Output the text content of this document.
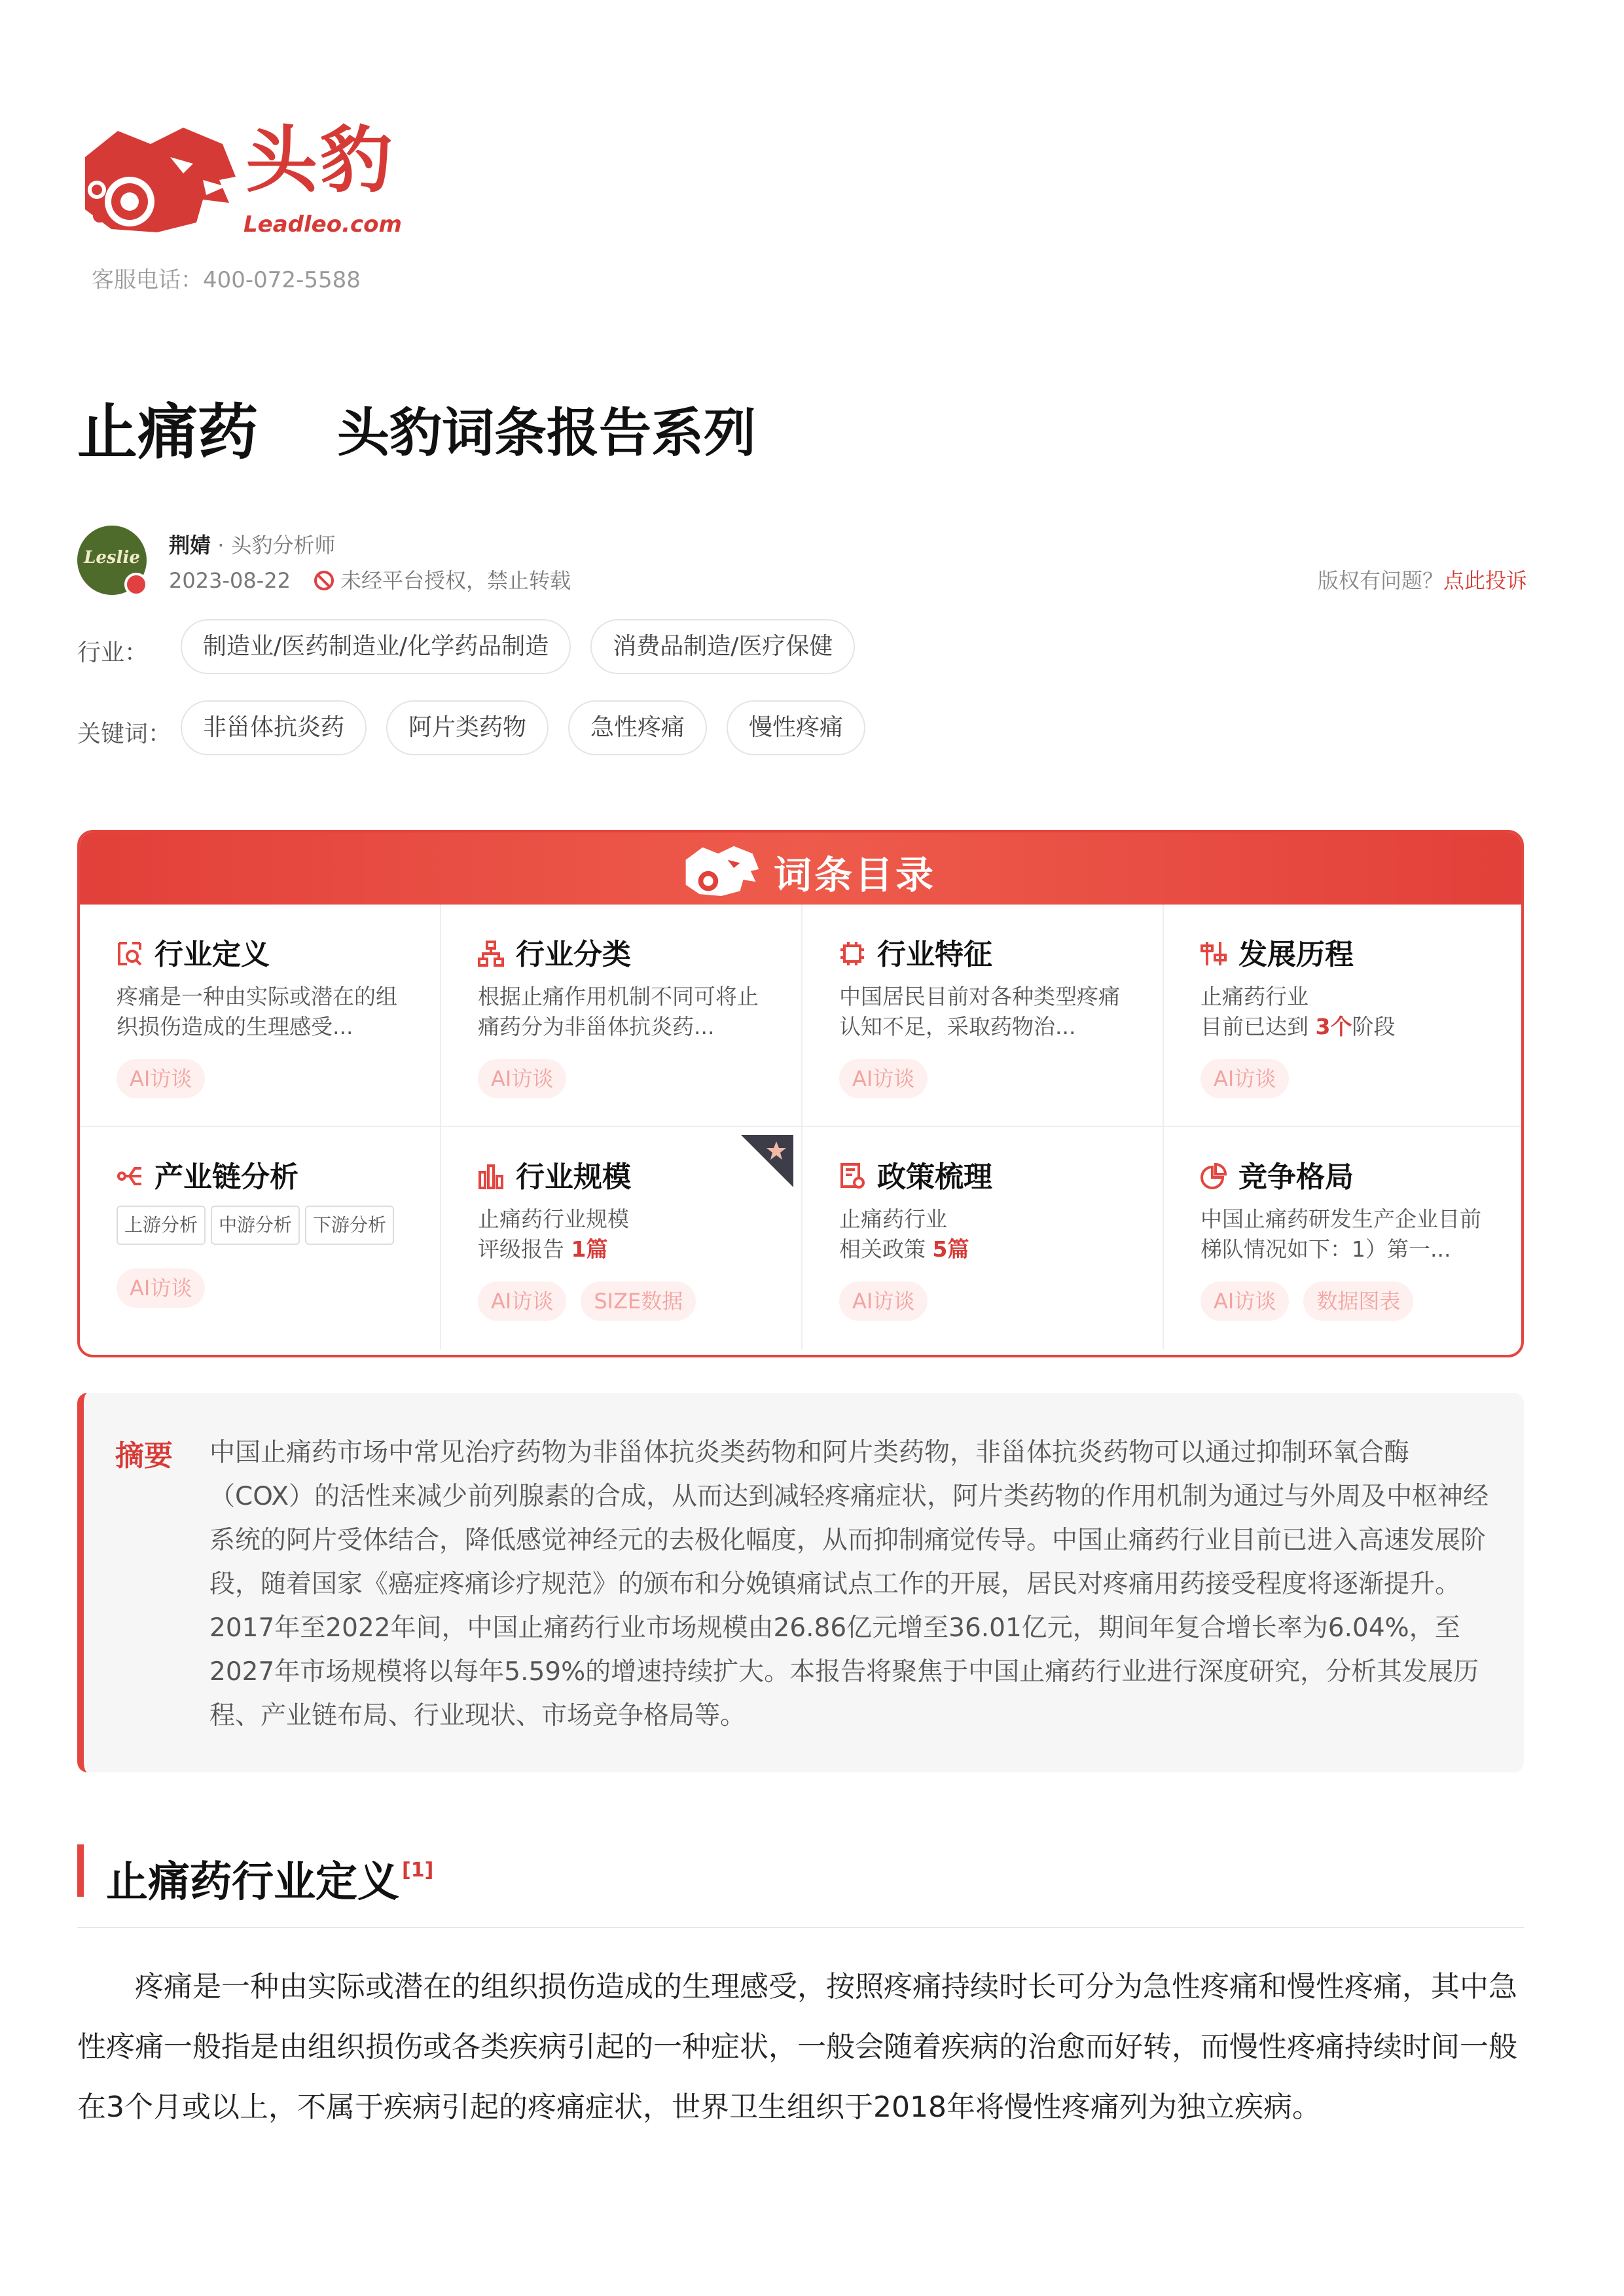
头豹
Leadleo.com
客服电话：400-072-5588
止痛药 头豹词条报告系列
Leslie	荆婧 · 头豹分析师
2023-08-22 未经平台授权，禁止转载	版权有问题？点此投诉
行业： 制造业/医药制造业/化学药品制造	消费品制造/医疗保健
关键词： 非甾体抗炎药	阿片类药物	急性疼痛	慢性疼痛
词条目录
行业定义
疼痛是一种由实际或潜在的组织损伤造成的生理感受...
AI访谈
行业分类
根据止痛作用机制不同可将止痛药分为非甾体抗炎药...
AI访谈
行业特征
中国居民目前对各种类型疼痛认知不足，采取药物治...
AI访谈
发展历程
止痛药行业
目前已达到 3个阶段
AI访谈
产业链分析
上游分析 中游分析 下游分析
AI访谈
行业规模
止痛药行业规模
评级报告 1篇
AI访谈 SIZE数据
政策梳理
止痛药行业
相关政策 5篇
AI访谈
竞争格局
中国止痛药研发生产企业目前梯队情况如下：1）第一...
AI访谈 数据图表
摘要 中国止痛药市场中常见治疗药物为非甾体抗炎类药物和阿片类药物，非甾体抗炎药物可以通过抑制环氧合酶（COX）的活性来减少前列腺素的合成，从而达到减轻疼痛症状，阿片类药物的作用机制为通过与外周及中枢神经系统的阿片受体结合，降低感觉神经元的去极化幅度，从而抑制痛觉传导。中国止痛药行业目前已进入高速发展阶段，随着国家《癌症疼痛诊疗规范》的颁布和分娩镇痛试点工作的开展，居民对疼痛用药接受程度将逐渐提升。2017年至2022年间，中国止痛药行业市场规模由26.86亿元增至36.01亿元，期间年复合增长率为6.04%，至2027年市场规模将以每年5.59%的增速持续扩大。本报告将聚焦于中国止痛药行业进行深度研究，分析其发展历程、产业链布局、行业现状、市场竞争格局等。
止痛药行业定义 [1]
疼痛是一种由实际或潜在的组织损伤造成的生理感受，按照疼痛持续时长可分为急性疼痛和慢性疼痛，其中急性疼痛一般指是由组织损伤或各类疾病引起的一种症状，一般会随着疾病的治愈而好转，而慢性疼痛持续时间一般在3个月或以上，不属于疾病引起的疼痛症状，世界卫生组织于2018年将慢性疼痛列为独立疾病。
